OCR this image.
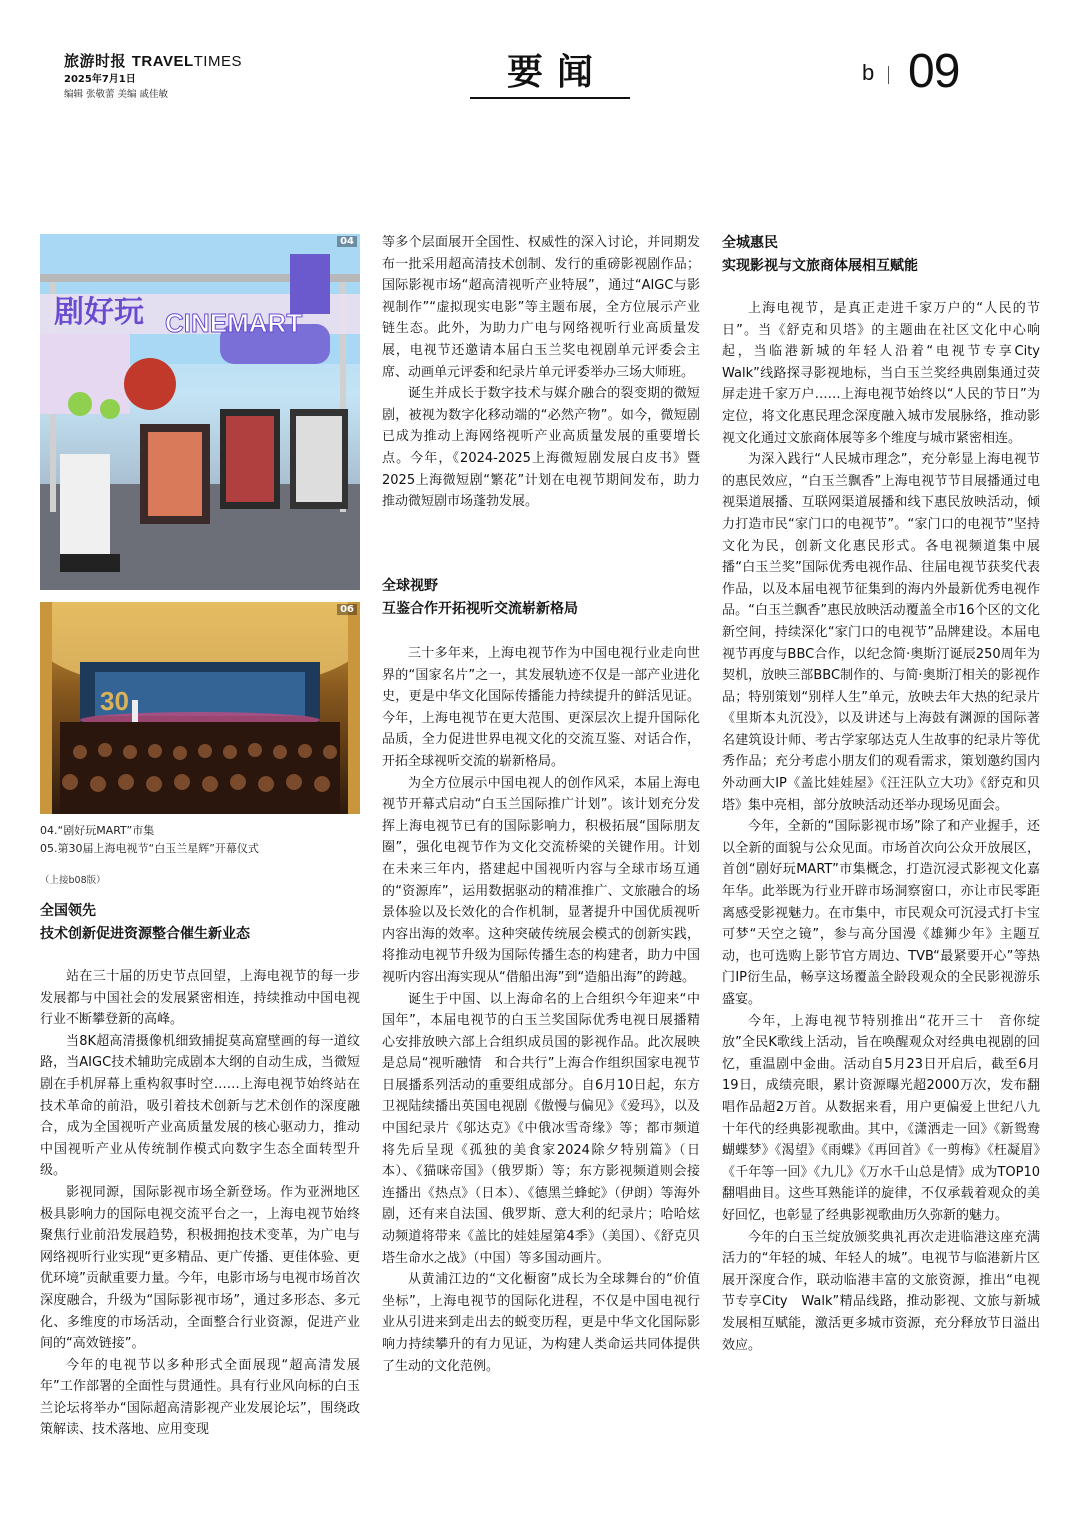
旅游时报 TRAVELTIMES
2025年7月1日
编辑 张敬蕾 美编 戚佳敏
要闻	b 09
剧好玩 CINEMART
04
30
06
04.“剧好玩MART”市集
05.第30届上海电视节“白玉兰星辉”开幕仪式
（上接b08版）
全国领先
技术创新促进资源整合催生新业态

站在三十届的历史节点回望，上海电视节的每一步发展都与中国社会的发展紧密相连，持续推动中国电视行业不断攀登新的高峰。

当8K超高清摄像机细致捕捉莫高窟壁画的每一道纹路，当AIGC技术辅助完成剧本大纲的自动生成，当微短剧在手机屏幕上重构叙事时空……上海电视节始终站在技术革命的前沿，吸引着技术创新与艺术创作的深度融合，成为全国视听产业高质量发展的核心驱动力，推动中国视听产业从传统制作模式向数字生态全面转型升级。

影视同源，国际影视市场全新登场。作为亚洲地区极具影响力的国际电视交流平台之一，上海电视节始终聚焦行业前沿发展趋势，积极拥抱技术变革，为广电与网络视听行业实现“更多精品、更广传播、更佳体验、更优环境”贡献重要力量。今年，电影市场与电视市场首次深度融合，升级为“国际影视市场”，通过多形态、多元化、多维度的市场活动，全面整合行业资源，促进产业间的“高效链接”。

今年的电视节以多种形式全面展现“超高清发展年”工作部署的全面性与贯通性。具有行业风向标的白玉兰论坛将举办“国际超高清影视产业发展论坛”，围绕政策解读、技术落地、应用变现

等多个层面展开全国性、权威性的深入讨论，并同期发布一批采用超高清技术创制、发行的重磅影视剧作品；国际影视市场“超高清视听产业特展”，通过“AIGC与影视制作”“虚拟现实电影”等主题布展，全方位展示产业链生态。此外，为助力广电与网络视听行业高质量发展，电视节还邀请本届白玉兰奖电视剧单元评委会主席、动画单元评委和纪录片单元评委举办三场大师班。

诞生并成长于数字技术与媒介融合的裂变期的微短剧，被视为数字化移动端的“必然产物”。如今，微短剧已成为推动上海网络视听产业高质量发展的重要增长点。今年，《2024-2025上海微短剧发展白皮书》暨2025上海微短剧“繁花”计划在电视节期间发布，助力推动微短剧市场蓬勃发展。

全球视野
互鉴合作开拓视听交流崭新格局

三十多年来，上海电视节作为中国电视行业走向世界的“国家名片”之一，其发展轨迹不仅是一部产业进化史，更是中华文化国际传播能力持续提升的鲜活见证。今年，上海电视节在更大范围、更深层次上提升国际化品质，全力促进世界电视文化的交流互鉴、对话合作，开拓全球视听交流的崭新格局。

为全方位展示中国电视人的创作风采，本届上海电视节开幕式启动“白玉兰国际推广计划”。该计划充分发挥上海电视节已有的国际影响力，积极拓展“国际朋友圈”，强化电视节作为文化交流桥梁的关键作用。计划在未来三年内，搭建起中国视听内容与全球市场互通的“资源库”，运用数据驱动的精准推广、文旅融合的场景体验以及长效化的合作机制，显著提升中国优质视听内容出海的效率。这种突破传统展会模式的创新实践，将推动电视节升级为国际传播生态的构建者，助力中国视听内容出海实现从“借船出海”到“造船出海”的跨越。

诞生于中国、以上海命名的上合组织今年迎来“中国年”，本届电视节的白玉兰奖国际优秀电视日展播精心安排放映六部上合组织成员国的影视作品。此次展映是总局“视听融情　和合共行”上海合作组织国家电视节日展播系列活动的重要组成部分。自6月10日起，东方卫视陆续播出英国电视剧《傲慢与偏见》《爱玛》，以及中国纪录片《邬达克》《中俄冰雪奇缘》等；都市频道将先后呈现《孤独的美食家2024除夕特别篇》（日本）、《猫咪帝国》（俄罗斯）等；东方影视频道则会接连播出《热点》（日本）、《德黑兰蜂蛇》（伊朗）等海外剧，还有来自法国、俄罗斯、意大利的纪录片；哈哈炫动频道将带来《盖比的娃娃屋第4季》（美国）、《舒克贝塔生命水之战》（中国）等多国动画片。

从黄浦江边的“文化橱窗”成长为全球舞台的“价值坐标”，上海电视节的国际化进程，不仅是中国电视行业从引进来到走出去的蜕变历程，更是中华文化国际影响力持续攀升的有力见证，为构建人类命运共同体提供了生动的文化范例。

全城惠民
实现影视与文旅商体展相互赋能

上海电视节，是真正走进千家万户的“人民的节日”。当《舒克和贝塔》的主题曲在社区文化中心响起，当临港新城的年轻人沿着“电视节专享City Walk”线路探寻影视地标，当白玉兰奖经典剧集通过荧屏走进千家万户……上海电视节始终以“人民的节日”为定位，将文化惠民理念深度融入城市发展脉络，推动影视文化通过文旅商体展等多个维度与城市紧密相连。

为深入践行“人民城市理念”，充分彰显上海电视节的惠民效应，“白玉兰飘香”上海电视节节目展播通过电视渠道展播、互联网渠道展播和线下惠民放映活动，倾力打造市民“家门口的电视节”。“家门口的电视节”坚持文化为民，创新文化惠民形式。各电视频道集中展播“白玉兰奖”国际优秀电视作品、往届电视节获奖代表作品，以及本届电视节征集到的海内外最新优秀电视作品。“白玉兰飘香”惠民放映活动覆盖全市16个区的文化新空间，持续深化“家门口的电视节”品牌建设。本届电视节再度与BBC合作，以纪念简·奥斯汀诞辰250周年为契机，放映三部BBC制作的、与简·奥斯汀相关的影视作品；特别策划“别样人生”单元，放映去年大热的纪录片《里斯本丸沉没》，以及讲述与上海鼓有渊源的国际著名建筑设计师、考古学家邬达克人生故事的纪录片等优秀作品；充分考虑小朋友们的观看需求，策划邀约国内外动画大IP《盖比娃娃屋》《汪汪队立大功》《舒克和贝塔》集中亮相，部分放映活动还举办现场见面会。

今年，全新的“国际影视市场”除了和产业握手，还以全新的面貌与公众见面。市场首次向公众开放展区，首创“剧好玩MART”市集概念，打造沉浸式影视文化嘉年华。此举既为行业开辟市场洞察窗口，亦让市民零距离感受影视魅力。在市集中，市民观众可沉浸式打卡宝可梦“天空之镜”，参与高分国漫《雄狮少年》主题互动，也可选购上影节官方周边、TVB“最紧要开心”等热门IP衍生品，畅享这场覆盖全龄段观众的全民影视游乐盛宴。

今年，上海电视节特别推出“花开三十　音你绽放”全民K歌线上活动，旨在唤醒观众对经典电视剧的回忆，重温剧中金曲。活动自5月23日开启后，截至6月19日，成绩亮眼，累计资源曝光超2000万次，发布翻唱作品超2万首。从数据来看，用户更偏爱上世纪八九十年代的经典影视歌曲。其中，《潇洒走一回》《新鸳鸯蝴蝶梦》《渴望》《雨蝶》《再回首》《一剪梅》《枉凝眉》《千年等一回》《九儿》《万水千山总是情》成为TOP10翻唱曲目。这些耳熟能详的旋律，不仅承载着观众的美好回忆，也彰显了经典影视歌曲历久弥新的魅力。

今年的白玉兰绽放颁奖典礼再次走进临港这座充满活力的“年轻的城、年轻人的城”。电视节与临港新片区展开深度合作，联动临港丰富的文旅资源，推出“电视节专享City　Walk”精品线路，推动影视、文旅与新城发展相互赋能，激活更多城市资源，充分释放节日溢出效应。
